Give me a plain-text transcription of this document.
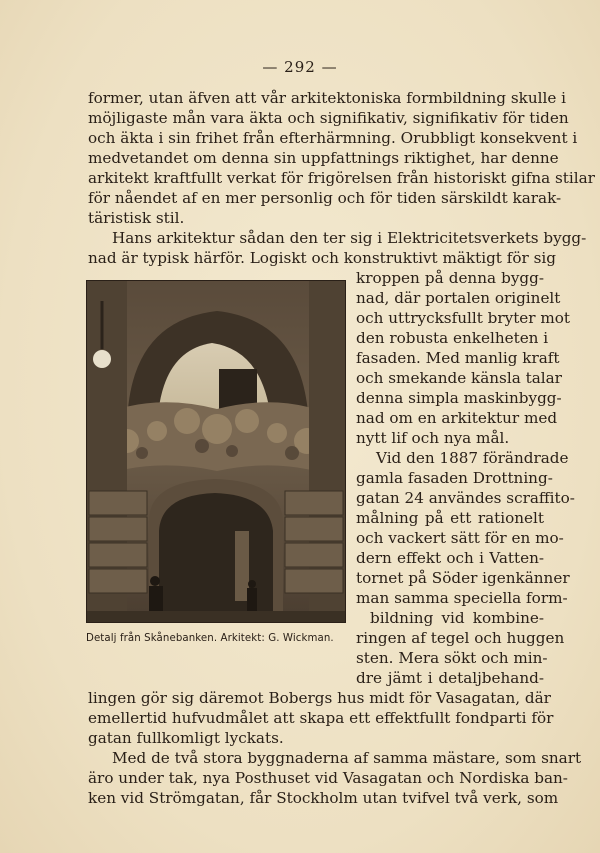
— 292 —
former, utan äfven att vår arkitektoniska formbildning skulle i
möjligaste mån vara äkta och signifikativ, signifikativ för tiden
och äkta i sin frihet från efterhärmning. Orubbligt konsekvent i
medvetandet om denna sin uppfattnings riktighet, har denne
arkitekt kraftfullt verkat för frigörelsen från historiskt gifna stilar
för nåendet af en mer personlig och för tiden särskildt karak-
täristisk stil.
Hans arkitektur sådan den ter sig i Elektricitetsverkets bygg-
nad är typisk härför. Logiskt och konstruktivt mäktigt för sig
kroppen på denna bygg-
nad, där portalen originelt
och uttrycksfullt bryter mot
den robusta enkelheten i
fasaden. Med manlig kraft
och smekande känsla talar
denna simpla maskinbygg-
nad om en arkitektur med
nytt lif och nya mål.
Vid den 1887 förändrade
gamla fasaden Drottning-
gatan 24 användes scraffito-
målning på ett rationelt
och vackert sätt för en mo-
dern effekt och i Vatten-
tornet på Söder igenkänner
man samma speciella form-
bildning vid kombine-
ringen af tegel och huggen
sten. Mera sökt och min-
dre jämt i detaljbehand-
lingen gör sig däremot Bobergs hus midt för Vasagatan, där
emellertid hufvudmålet att skapa ett effektfullt fondparti för
gatan fullkomligt lyckats.
Med de två stora byggnaderna af samma mästare, som snart
äro under tak, nya Posthuset vid Vasagatan och Nordiska ban-
ken vid Strömgatan, får Stockholm utan tvifvel två verk, som
Detalj från Skånebanken. Arkitekt: G. Wickman.
